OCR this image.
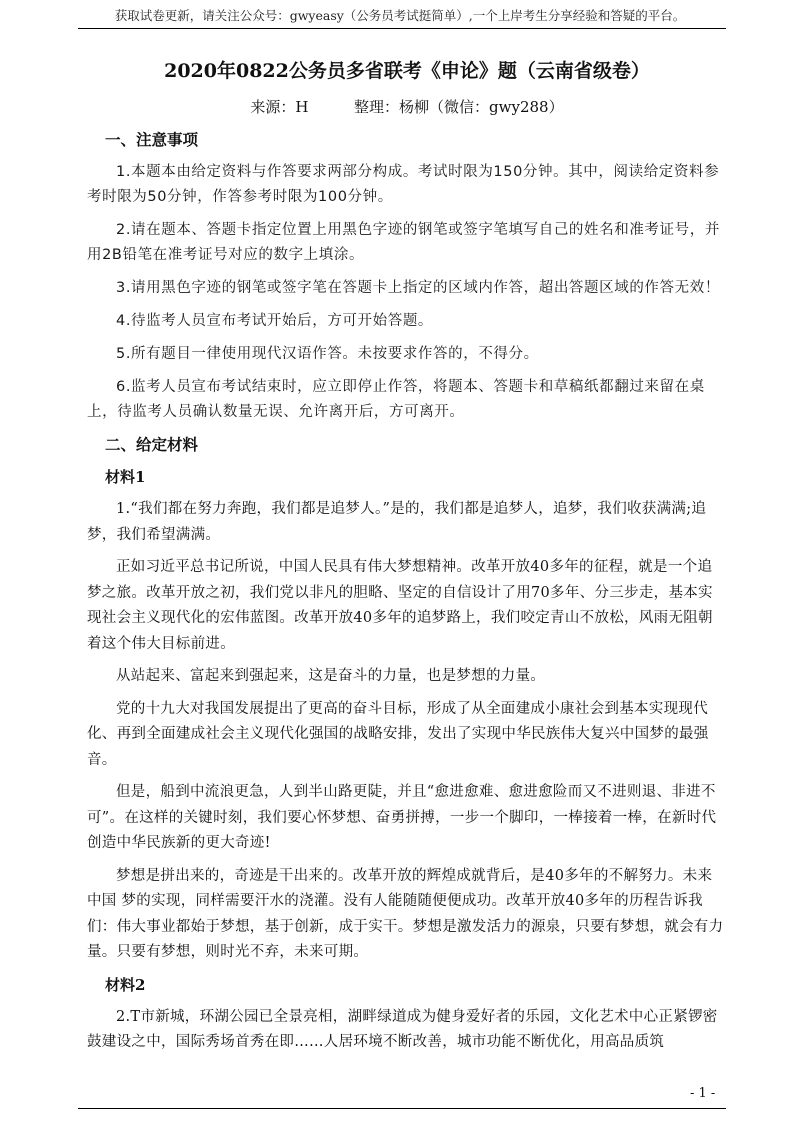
获取试卷更新，请关注公众号：gwyeasy（公务员考试挺简单）,一个上岸考生分享经验和答疑的平台。
2020年0822公务员多省联考《申论》题（云南省级卷）
来源：H	整理：杨柳（微信：gwy288）
一、注意事项

1.本题本由给定资料与作答要求两部分构成。考试时限为150分钟。其中，阅读给定资料参考时限为50分钟，作答参考时限为100分钟。

2.请在题本、答题卡指定位置上用黑色字迹的钢笔或签字笔填写自己的姓名和准考证号，并用2B铅笔在准考证号对应的数字上填涂。

3.请用黑色字迹的钢笔或签字笔在答题卡上指定的区域内作答，超出答题区域的作答无效！

4.待监考人员宣布考试开始后，方可开始答题。

5.所有题目一律使用现代汉语作答。未按要求作答的，不得分。

6.监考人员宣布考试结束时，应立即停止作答，将题本、答题卡和草稿纸都翻过来留在桌上，待监考人员确认数量无误、允许离开后，方可离开。

二、给定材料
材料1

1.“我们都在努力奔跑，我们都是追梦人。”是的，我们都是追梦人，追梦，我们收获满满;追梦，我们希望满满。

正如习近平总书记所说，中国人民具有伟大梦想精神。改革开放40多年的征程，就是一个追梦之旅。改革开放之初，我们党以非凡的胆略、坚定的自信设计了用70多年、分三步走，基本实现社会主义现代化的宏伟蓝图。改革开放40多年的追梦路上，我们咬定青山不放松，风雨无阻朝着这个伟大目标前进。

从站起来、富起来到强起来，这是奋斗的力量，也是梦想的力量。

党的十九大对我国发展提出了更高的奋斗目标，形成了从全面建成小康社会到基本实现现代化、再到全面建成社会主义现代化强国的战略安排，发出了实现中华民族伟大复兴中国梦的最强音。

但是，船到中流浪更急，人到半山路更陡，并且“愈进愈难、愈进愈险而又不进则退、非进不可”。在这样的关键时刻，我们要心怀梦想、奋勇拼搏，一步一个脚印，一棒接着一棒，在新时代创造中华民族新的更大奇迹!

梦想是拼出来的，奇迹是干出来的。改革开放的辉煌成就背后，是40多年的不解努力。未来中国 梦的实现，同样需要汗水的浇灌。没有人能随随便便成功。改革开放40多年的历程告诉我们：伟大事业都始于梦想，基于创新，成于实干。梦想是激发活力的源泉，只要有梦想，就会有力量。只要有梦想，则时光不弃，未来可期。

材料2

2.T市新城，环湖公园已全景亮相，湖畔绿道成为健身爱好者的乐园，文化艺术中心正紧锣密鼓建设之中，国际秀场首秀在即……人居环境不断改善，城市功能不断优化，用高品质筑

- 1 -
